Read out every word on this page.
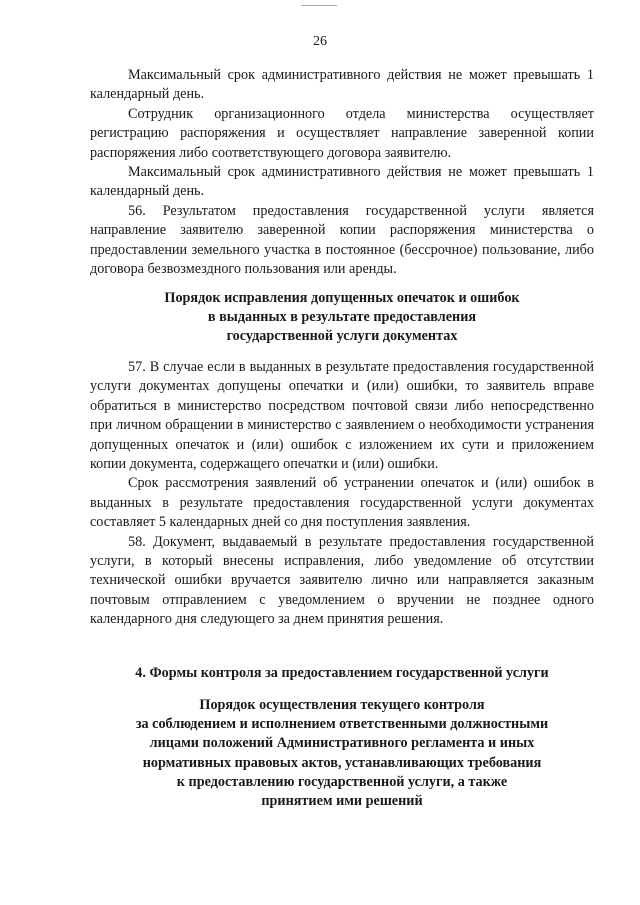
26

Максимальный срок административного действия не может превышать 1 календарный день.

Сотрудник организационного отдела министерства осуществляет регистрацию распоряжения и осуществляет направление заверенной копии распоряжения либо соответствующего договора заявителю.

Максимальный срок административного действия не может превышать 1 календарный день.

56. Результатом предоставления государственной услуги является направление заявителю заверенной копии распоряжения министерства о предоставлении земельного участка в постоянное (бессрочное) пользование, либо договора безвозмездного пользования или аренды.

Порядок исправления допущенных опечаток и ошибок
в выданных в результате предоставления
государственной услуги документах

57. В случае если в выданных в результате предоставления государственной услуги документах допущены опечатки и (или) ошибки, то заявитель вправе обратиться в министерство посредством почтовой связи либо непосредственно при личном обращении в министерство с заявлением о необходимости устранения допущенных опечаток и (или) ошибок с изложением их сути и приложением копии документа, содержащего опечатки и (или) ошибки.

Срок рассмотрения заявлений об устранении опечаток и (или) ошибок в выданных в результате предоставления государственной услуги документах составляет 5 календарных дней со дня поступления заявления.

58. Документ, выдаваемый в результате предоставления государственной услуги, в который внесены исправления, либо уведомление об отсутствии технической ошибки вручается заявителю лично или направляется заказным почтовым отправлением с уведомлением о вручении не позднее одного календарного дня следующего за днем принятия решения.

4. Формы контроля за предоставлением государственной услуги
Порядок осуществления текущего контроля
за соблюдением и исполнением ответственными должностными
лицами положений Административного регламента и иных
нормативных правовых актов, устанавливающих требования
к предоставлению государственной услуги, а также
принятием ими решений
